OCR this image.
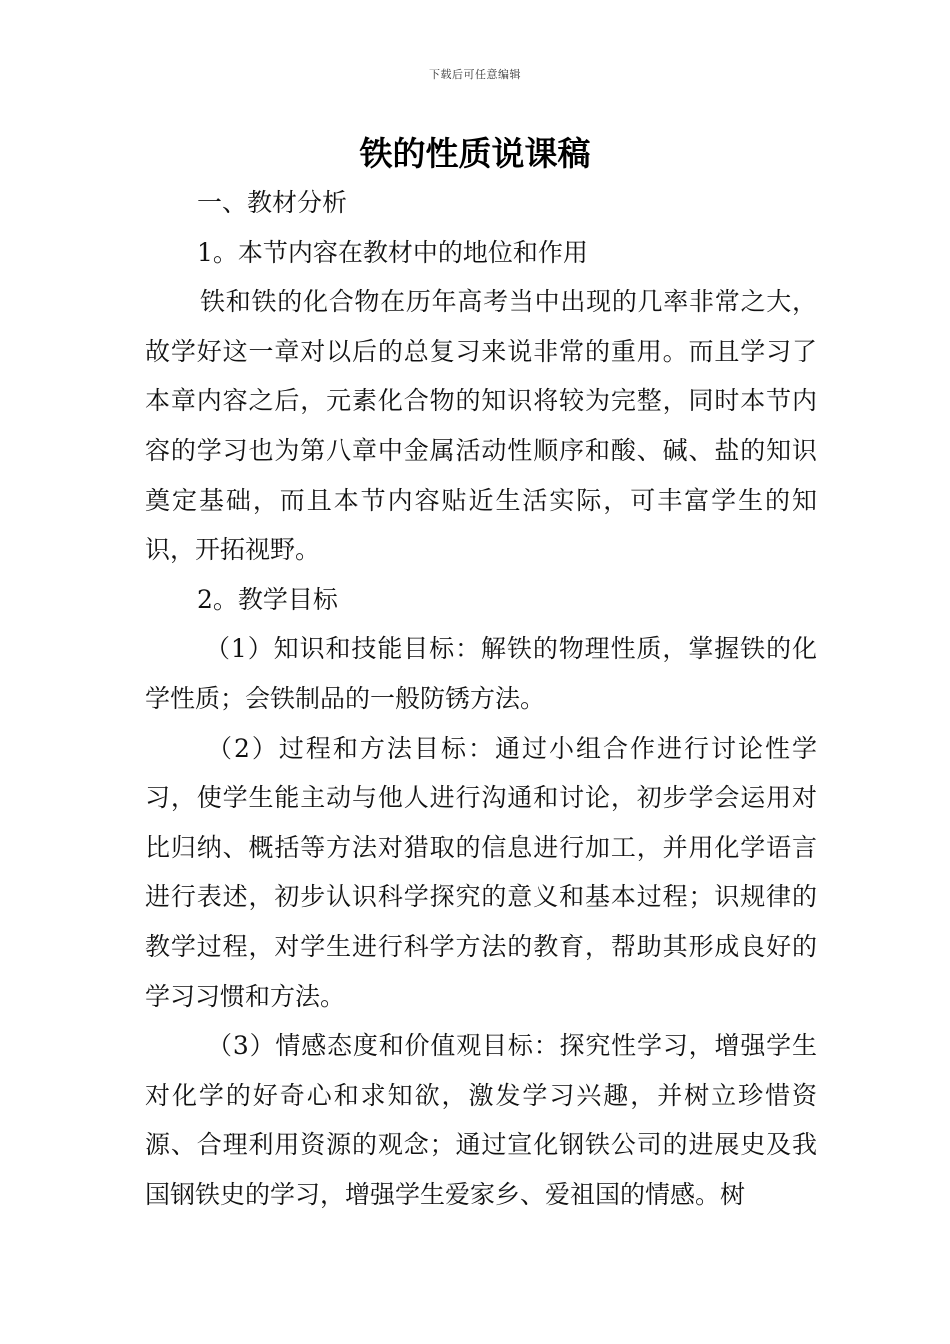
下载后可任意编辑
铁的性质说课稿

一、教材分析

1。本节内容在教材中的地位和作用

铁和铁的化合物在历年高考当中出现的几率非常之大，故学好这一章对以后的总复习来说非常的重用。而且学习了本章内容之后，元素化合物的知识将较为完整，同时本节内容的学习也为第八章中金属活动性顺序和酸、碱、盐的知识奠定基础，而且本节内容贴近生活实际，可丰富学生的知识，开拓视野。

2。教学目标

（1）知识和技能目标：解铁的物理性质，掌握铁的化学性质；会铁制品的一般防锈方法。

（2）过程和方法目标：通过小组合作进行讨论性学习，使学生能主动与他人进行沟通和讨论，初步学会运用对比归纳、概括等方法对猎取的信息进行加工，并用化学语言进行表述，初步认识科学探究的意义和基本过程；识规律的教学过程，对学生进行科学方法的教育，帮助其形成良好的学习习惯和方法。

（3）情感态度和价值观目标：探究性学习，增强学生对化学的好奇心和求知欲，激发学习兴趣，并树立珍惜资源、合理利用资源的观念；通过宣化钢铁公司的进展史及我国钢铁史的学习，增强学生爱家乡、爱祖国的情感。树
